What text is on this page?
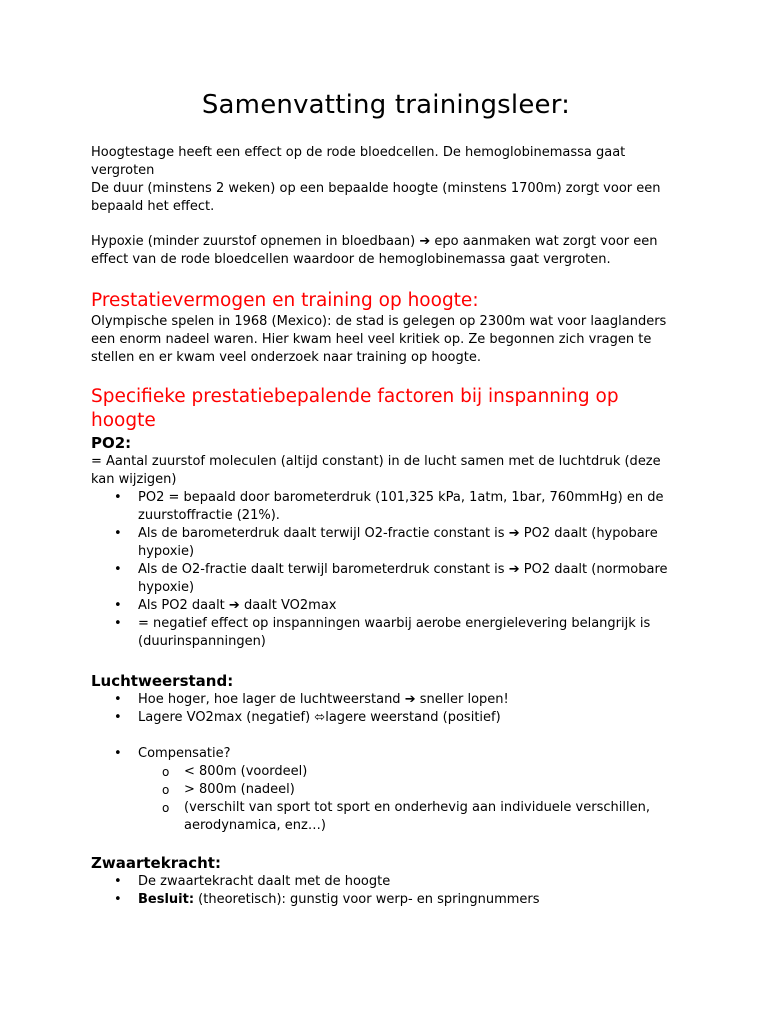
Samenvatting trainingsleer:

Hoogtestage heeft een effect op de rode bloedcellen. De hemoglobinemassa gaat vergroten
De duur (minstens 2 weken) op een bepaalde hoogte (minstens 1700m) zorgt voor een bepaald het effect.

Hypoxie (minder zuurstof opnemen in bloedbaan) ➔ epo aanmaken wat zorgt voor een effect van de rode bloedcellen waardoor de hemoglobinemassa gaat vergroten.

Prestatievermogen en training op hoogte:

Olympische spelen in 1968 (Mexico): de stad is gelegen op 2300m wat voor laaglanders een enorm nadeel waren. Hier kwam heel veel kritiek op. Ze begonnen zich vragen te stellen en er kwam veel onderzoek naar training op hoogte.

Specifieke prestatiebepalende factoren bij inspanning op hoogte
PO2:

= Aantal zuurstof moleculen (altijd constant) in de lucht samen met de luchtdruk (deze kan wijzigen)

• PO2 = bepaald door barometerdruk (101,325 kPa, 1atm, 1bar, 760mmHg) en de zuurstoffractie (21%).
• Als de barometerdruk daalt terwijl O2-fractie constant is ➔ PO2 daalt (hypobare hypoxie)
• Als de O2-fractie daalt terwijl barometerdruk constant is ➔ PO2 daalt (normobare hypoxie)
• Als PO2 daalt ➔ daalt VO2max
• = negatief effect op inspanningen waarbij aerobe energielevering belangrijk is (duurinspanningen)
Luchtweerstand:
• Hoe hoger, hoe lager de luchtweerstand ➔ sneller lopen!
• Lagere VO2max (negatief) ⬄lagere weerstand (positief)
• Compensatie?
o < 800m (voordeel)
o > 800m (nadeel)
o (verschilt van sport tot sport en onderhevig aan individuele verschillen, aerodynamica, enz…)
Zwaartekracht:
• De zwaartekracht daalt met de hoogte
• Besluit: (theoretisch): gunstig voor werp- en springnummers
